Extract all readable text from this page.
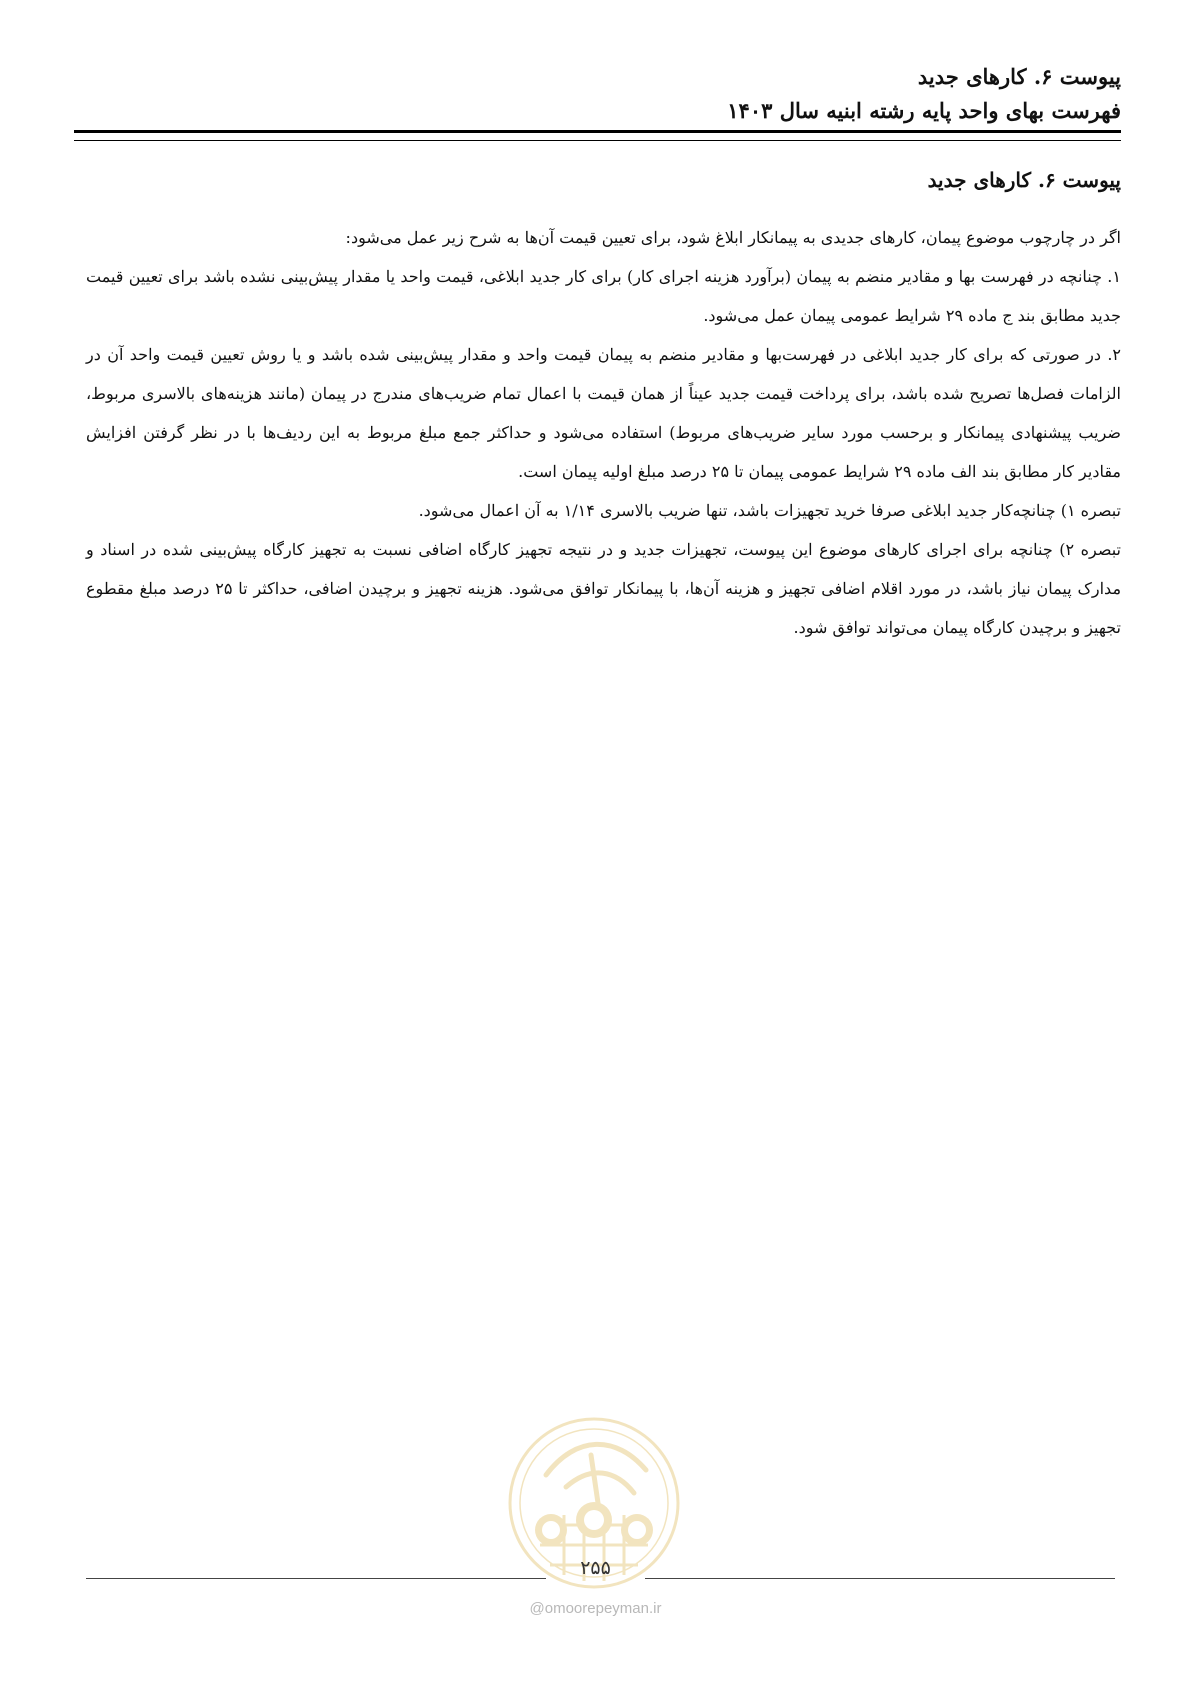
پیوست ۶. کارهای جدید
فهرست بهای واحد پایه رشته ابنیه سال ۱۴۰۳
پیوست ۶. کارهای جدید

اگر در چارچوب موضوع پیمان، کارهای جدیدی به پیمانکار ابلاغ شود، برای تعیین قیمت آن‌ها به شرح زیر عمل می‌شود:

۱. چنانچه در فهرست بها و مقادیر منضم به پیمان (برآورد هزینه اجرای کار) برای کار جدید ابلاغی، قیمت واحد یا مقدار پیش‌بینی نشده باشد برای تعیین قیمت جدید مطابق بند ج ماده ۲۹ شرایط عمومی پیمان عمل می‌شود.

۲. در صورتی که برای کار جدید ابلاغی در فهرست‌بها و مقادیر منضم به پیمان قیمت واحد و مقدار پیش‌بینی شده باشد و یا روش تعیین قیمت واحد آن در الزامات فصل‌ها تصریح شده باشد، برای پرداخت قیمت جدید عیناً از همان قیمت با اعمال تمام ضریب‌های مندرج در پیمان (مانند هزینه‌های بالاسری مربوط، ضریب پیشنهادی پیمانکار و برحسب مورد سایر ضریب‌های مربوط) استفاده می‌شود و حداکثر جمع مبلغ مربوط به این ردیف‌ها با در نظر گرفتن افزایش مقادیر کار مطابق بند الف ماده ۲۹ شرایط عمومی پیمان تا ۲۵ درصد مبلغ اولیه پیمان است.

تبصره ۱) چنانچه‌کار جدید ابلاغی صرفا خرید تجهیزات باشد، تنها ضریب بالاسری ۱/۱۴ به آن اعمال می‌شود.

تبصره ۲) چنانچه برای اجرای کارهای موضوع این پیوست، تجهیزات جدید و در نتیجه تجهیز کارگاه اضافی نسبت به تجهیز کارگاه پیش‌بینی شده در اسناد و مدارک پیمان نیاز باشد، در مورد اقلام اضافی تجهیز و هزینه آن‌ها، با پیمانکار توافق می‌شود. هزینه تجهیز و برچیدن اضافی، حداکثر تا ۲۵ درصد مبلغ مقطوع تجهیز و برچیدن کارگاه پیمان می‌تواند توافق شود.

۲۵۵
@omoorepeyman.ir
